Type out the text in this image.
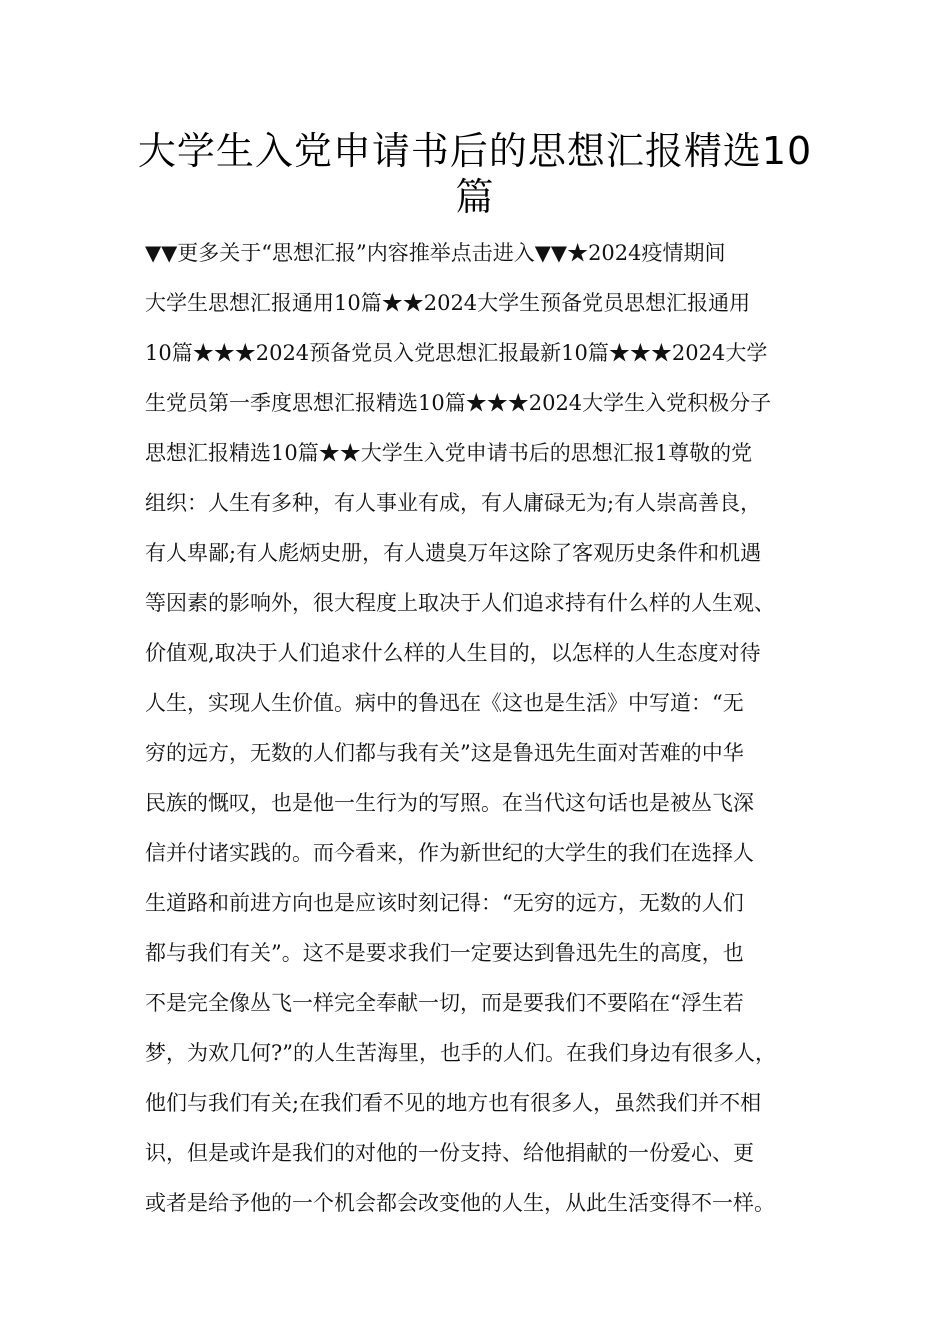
大学生入党申请书后的思想汇报精选10篇
▼▼更多关于“思想汇报”内容推举点击进入▼▼★2024疫情期间
大学生思想汇报通用10篇★★2024大学生预备党员思想汇报通用
10篇★★★2024预备党员入党思想汇报最新10篇★★★2024大学
生党员第一季度思想汇报精选10篇★★★2024大学生入党积极分子
思想汇报精选10篇★★大学生入党申请书后的思想汇报1尊敬的党
组织：人生有多种，有人事业有成，有人庸碌无为;有人崇高善良，
有人卑鄙;有人彪炳史册，有人遗臭万年这除了客观历史条件和机遇
等因素的影响外，很大程度上取决于人们追求持有什么样的人生观、
价值观,取决于人们追求什么样的人生目的，以怎样的人生态度对待
人生，实现人生价值。病中的鲁迅在《这也是生活》中写道：“无
穷的远方，无数的人们都与我有关”这是鲁迅先生面对苦难的中华
民族的慨叹，也是他一生行为的写照。在当代这句话也是被丛飞深
信并付诸实践的。而今看来，作为新世纪的大学生的我们在选择人
生道路和前进方向也是应该时刻记得：“无穷的远方，无数的人们
都与我们有关”。这不是要求我们一定要达到鲁迅先生的高度，也
不是完全像丛飞一样完全奉献一切，而是要我们不要陷在“浮生若
梦，为欢几何?”的人生苦海里，也手的人们。在我们身边有很多人，
他们与我们有关;在我们看不见的地方也有很多人，虽然我们并不相
识，但是或许是我们的对他的一份支持、给他捐献的一份爱心、更
或者是给予他的一个机会都会改变他的人生，从此生活变得不一样。
